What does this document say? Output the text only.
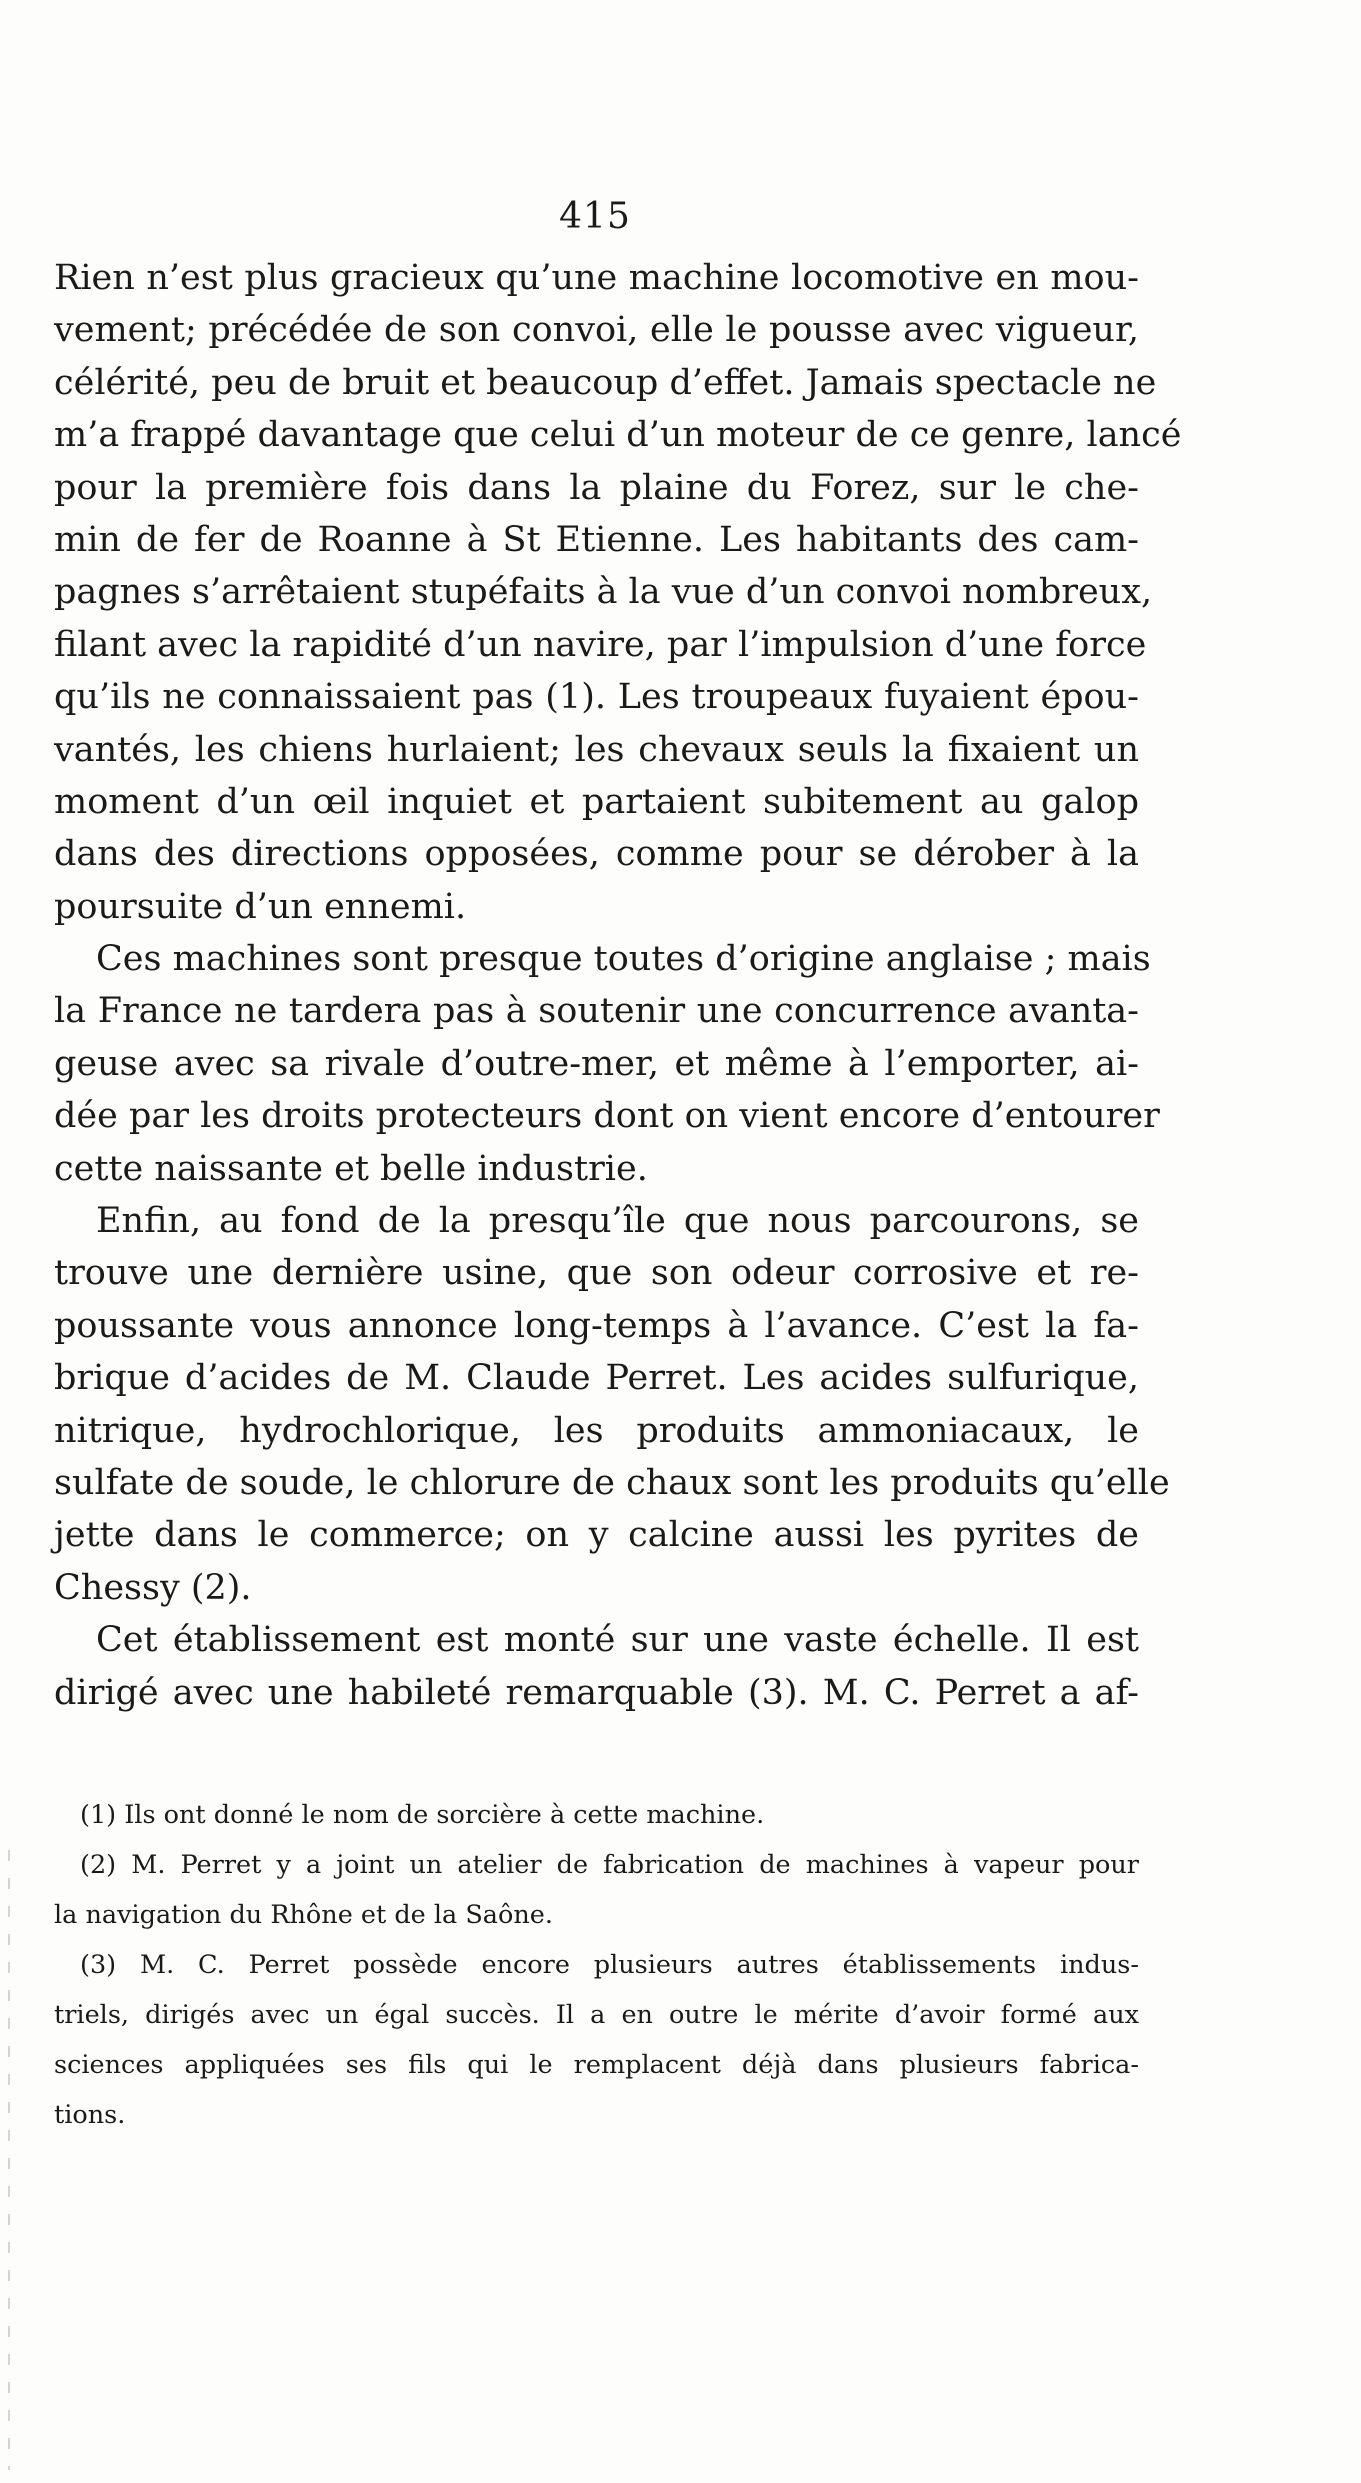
415
Rien n’est plus gracieux qu’une machine locomotive en mou-
vement; précédée de son convoi, elle le pousse avec vigueur,
célérité, peu de bruit et beaucoup d’effet. Jamais spectacle ne
m’a frappé davantage que celui d’un moteur de ce genre, lancé
pour la première fois dans la plaine du Forez, sur le che-
min de fer de Roanne à St Etienne. Les habitants des cam-
pagnes s’arrêtaient stupéfaits à la vue d’un convoi nombreux,
filant avec la rapidité d’un navire, par l’impulsion d’une force
qu’ils ne connaissaient pas (1). Les troupeaux fuyaient épou-
vantés, les chiens hurlaient; les chevaux seuls la fixaient un
moment d’un œil inquiet et partaient subitement au galop
dans des directions opposées, comme pour se dérober à la
poursuite d’un ennemi.
Ces machines sont presque toutes d’origine anglaise ; mais
la France ne tardera pas à soutenir une concurrence avanta-
geuse avec sa rivale d’outre-mer, et même à l’emporter, ai-
dée par les droits protecteurs dont on vient encore d’entourer
cette naissante et belle industrie.
Enfin, au fond de la presqu’île que nous parcourons, se
trouve une dernière usine, que son odeur corrosive et re-
poussante vous annonce long-temps à l’avance. C’est la fa-
brique d’acides de M. Claude Perret. Les acides sulfurique,
nitrique, hydrochlorique, les produits ammoniacaux, le
sulfate de soude, le chlorure de chaux sont les produits qu’elle
jette dans le commerce; on y calcine aussi les pyrites de
Chessy (2).
Cet établissement est monté sur une vaste échelle. Il est
dirigé avec une habileté remarquable (3). M. C. Perret a af-
(1) Ils ont donné le nom de sorcière à cette machine.
(2) M. Perret y a joint un atelier de fabrication de machines à vapeur pour
la navigation du Rhône et de la Saône.
(3) M. C. Perret possède encore plusieurs autres établissements indus-
triels, dirigés avec un égal succès. Il a en outre le mérite d’avoir formé aux
sciences appliquées ses fils qui le remplacent déjà dans plusieurs fabrica-
tions.
